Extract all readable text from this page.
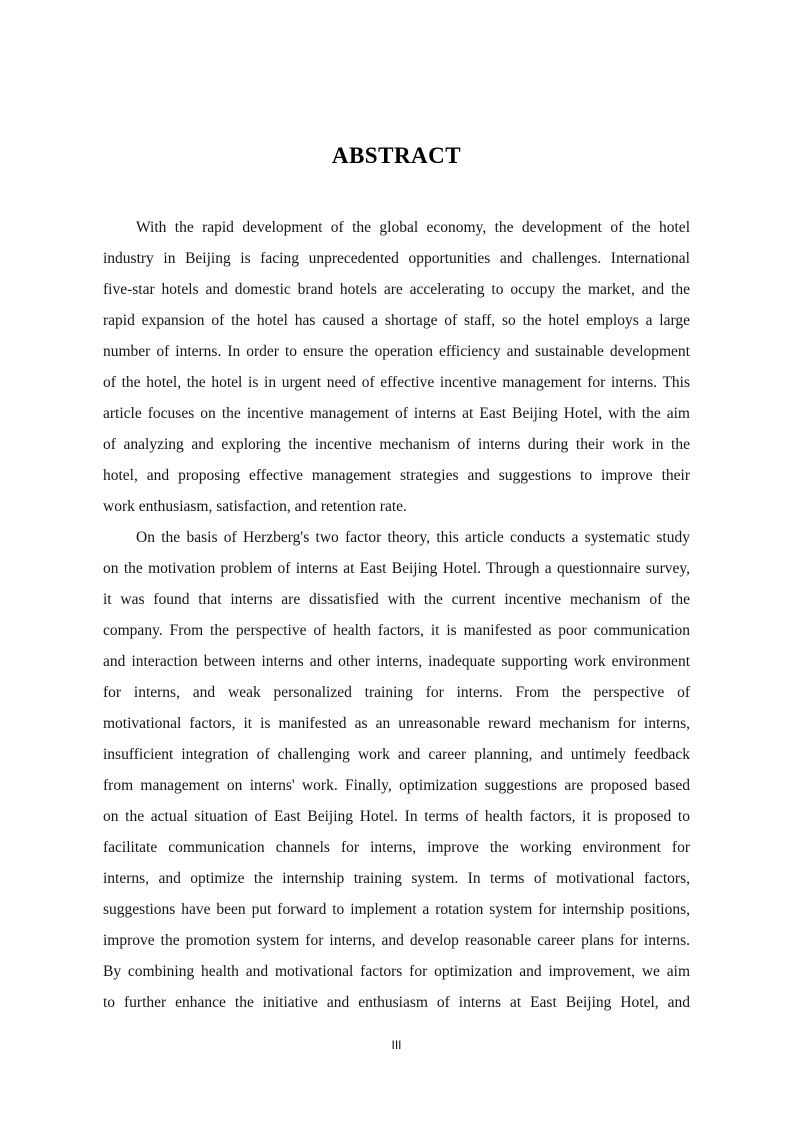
ABSTRACT
With the rapid development of the global economy, the development of the hotel
industry in Beijing is facing unprecedented opportunities and challenges. International
five-star hotels and domestic brand hotels are accelerating to occupy the market, and the
rapid expansion of the hotel has caused a shortage of staff, so the hotel employs a large
number of interns. In order to ensure the operation efficiency and sustainable development
of the hotel, the hotel is in urgent need of effective incentive management for interns. This
article focuses on the incentive management of interns at East Beijing Hotel, with the aim
of analyzing and exploring the incentive mechanism of interns during their work in the
hotel, and proposing effective management strategies and suggestions to improve their
work enthusiasm, satisfaction, and retention rate.
On the basis of Herzberg's two factor theory, this article conducts a systematic study
on the motivation problem of interns at East Beijing Hotel. Through a questionnaire survey,
it was found that interns are dissatisfied with the current incentive mechanism of the
company. From the perspective of health factors, it is manifested as poor communication
and interaction between interns and other interns, inadequate supporting work environment
for interns, and weak personalized training for interns. From the perspective of
motivational factors, it is manifested as an unreasonable reward mechanism for interns,
insufficient integration of challenging work and career planning, and untimely feedback
from management on interns' work. Finally, optimization suggestions are proposed based
on the actual situation of East Beijing Hotel. In terms of health factors, it is proposed to
facilitate communication channels for interns, improve the working environment for
interns, and optimize the internship training system. In terms of motivational factors,
suggestions have been put forward to implement a rotation system for internship positions,
improve the promotion system for interns, and develop reasonable career plans for interns.
By combining health and motivational factors for optimization and improvement, we aim
to further enhance the initiative and enthusiasm of interns at East Beijing Hotel, and
III
